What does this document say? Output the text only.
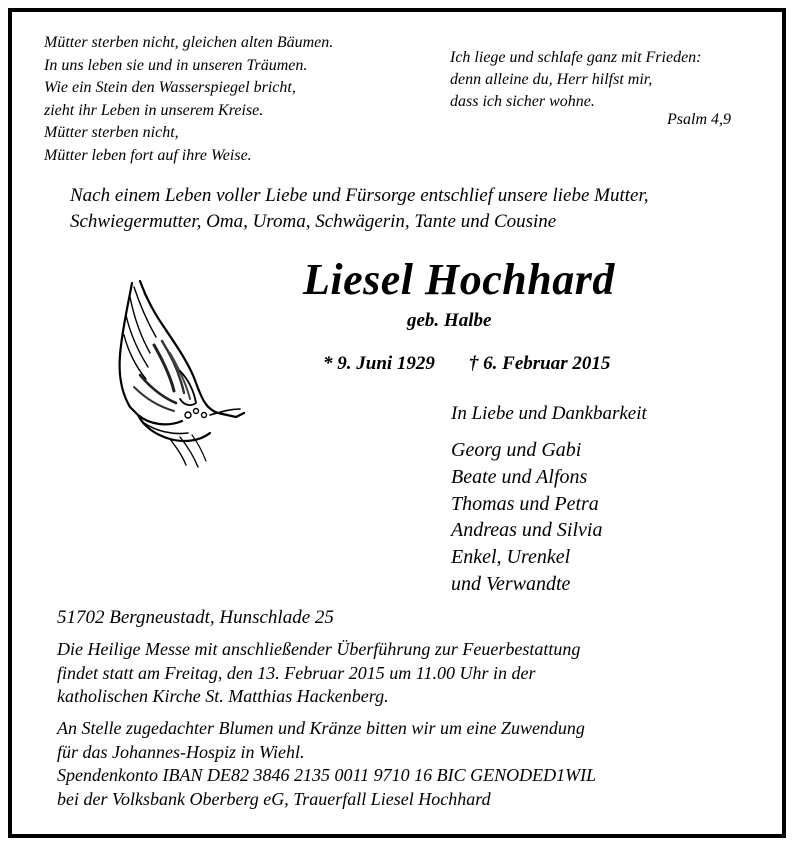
Mütter sterben nicht, gleichen alten Bäumen.
In uns leben sie und in unseren Träumen.
Wie ein Stein den Wasserspiegel bricht,
zieht ihr Leben in unserem Kreise.
Mütter sterben nicht,
Mütter leben fort auf ihre Weise.
Ich liege und schlafe ganz mit Frieden:
denn alleine du, Herr hilfst mir,
dass ich sicher wohne.
Psalm 4,9
Nach einem Leben voller Liebe und Fürsorge entschlief unsere liebe Mutter,
Schwiegermutter, Oma, Uroma, Schwägerin, Tante und Cousine
Liesel Hochhard
geb. Halbe
* 9. Juni 1929 † 6. Februar 2015
In Liebe und Dankbarkeit
Georg und Gabi
Beate und Alfons
Thomas und Petra
Andreas und Silvia
Enkel, Urenkel
und Verwandte
51702 Bergneustadt, Hunschlade 25
Die Heilige Messe mit anschließender Überführung zur Feuerbestattung
findet statt am Freitag, den 13. Februar 2015 um 11.00 Uhr in der
katholischen Kirche St. Matthias Hackenberg.
An Stelle zugedachter Blumen und Kränze bitten wir um eine Zuwendung
für das Johannes-Hospiz in Wiehl.
Spendenkonto IBAN DE82 3846 2135 0011 9710 16 BIC GENODED1WIL
bei der Volksbank Oberberg eG, Trauerfall Liesel Hochhard
